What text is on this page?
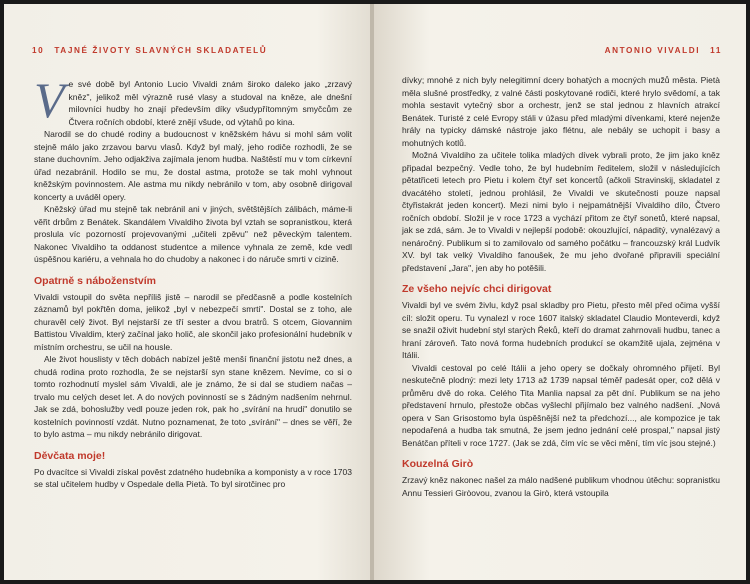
10 TAJNÉ ŽIVOTY SLAVNÝCH SKLADATELŮ

Ve své době byl Antonio Lucio Vivaldi znám široko daleko jako „zrzavý kněz", jelikož měl výrazně rusé vlasy a studoval na kněze, ale dnešní milovníci hudby ho znají především díky všudypřítomným smyčcům ze Čtvera ročních období, které znějí všude, od výtahů po kina.

Narodil se do chudé rodiny a budoucnost v kněžském hávu si mohl sám volit stejně málo jako zrzavou barvu vlasů. Když byl malý, jeho rodiče rozhodli, že se stane duchovním. Jeho odjakživa zajímala jenom hudba. Naštěstí mu v tom církevní úřad nezabránil. Hodilo se mu, že dostal astma, protože se tak mohl vyhnout kněžským povinnostem. Ale astma mu nikdy nebránilo v tom, aby osobně dirigoval koncerty a uváděl opery.

Kněžský úřad mu stejně tak nebránil ani v jiných, světštějších zálibách, máme-li věřit drbům z Benátek. Skandálem Vivaldiho života byl vztah se sopranistkou, která proslula víc pozorností projevovanými „učiteli zpěvu" než pěveckým talentem. Nakonec Vivaldiho ta oddanost studentce a milence vyhnala ze země, kde vedl úspěšnou kariéru, a vehnala ho do chudoby a nakonec i do náruče smrti v cizině.

Opatrně s náboženstvím

Vivaldi vstoupil do světa nepříliš jistě – narodil se předčasně a podle kostelních záznamů byl pokřtěn doma, jelikož „byl v nebezpečí smrti". Dostal se z toho, ale churavěl celý život. Byl nejstarší ze tří sester a dvou bratrů. S otcem, Giovannim Battistou Vivaldim, který začínal jako holič, ale skončil jako profesionální hudebník v místním orchestru, se učil na housle.

Ale život houslisty v těch dobách nabízel ještě menší finanční jistotu než dnes, a chudá rodina proto rozhodla, že se nejstarší syn stane knězem. Nevíme, co si o tomto rozhodnutí myslel sám Vivaldi, ale je známo, že si dal se studiem načas – trvalo mu celých deset let. A do nových povinností se s žádným nadšením nehrnul. Jak se zdá, bohoslužby vedl pouze jeden rok, pak ho „svírání na hrudi" donutilo se kostelních povinností vzdát. Nutno poznamenat, že toto „svírání" – dnes se věří, že to bylo astma – mu nikdy nebránilo dirigovat.

Děvčata moje!

Po dvacítce si Vivaldi získal pověst zdatného hudebníka a komponisty a v roce 1703 se stal učitelem hudby v Ospedale della Pietà. To byl sirotčinec pro

ANTONIO VIVALDI 11

dívky; mnohé z nich byly nelegitimní dcery bohatých a mocných mužů města. Pietà měla slušné prostředky, z valné části poskytované rodiči, které hrylo svědomí, a tak mohla sestavit vytečný sbor a orchestr, jenž se stal jednou z hlavních atrakcí Benátek. Turisté z celé Evropy stáli v úžasu před mladými dívenkami, které nejenže hrály na typicky dámské nástroje jako flétnu, ale nebály se uchopit i basy a mohutných kotlů.

Možná Vivaldiho za učitele tolika mladých dívek vybrali proto, že jim jako kněz připadal bezpečný. Vedle toho, že byl hudebním ředitelem, složil v následujících pětatřiceti letech pro Pietu i kolem čtyř set koncertů (ačkoli Stravinskij, skladatel z dvacátého století, jednou prohlásil, že Vivaldi ve skutečnosti pouze napsal čtyřistakrát jeden koncert). Mezi nimi bylo i nejpamátnější Vivaldiho dílo, Čtvero ročních období. Složil je v roce 1723 a vychází přitom ze čtyř sonetů, které napsal, jak se zdá, sám. Je to Vivaldi v nejlepší podobě: okouzlující, nápaditý, vynalézavý a nenáročný. Publikum si to zamilovalo od samého počátku – francouzský král Ludvík XV. byl tak velký Vivaldiho fanoušek, že mu jeho dvořané připravili speciální představení „Jara", jen aby ho potěšili.

Ze všeho nejvíc chci dirigovat

Vivaldi byl ve svém živlu, když psal skladby pro Pietu, přesto měl před očima vyšší cíl: složit operu. Tu vynalezl v roce 1607 italský skladatel Claudio Monteverdi, když se snažil oživit hudební styl starých Řeků, kteří do dramat zahrnovali hudbu, tanec a hraní zároveň. Tato nová forma hudebních produkcí se okamžitě ujala, zejména v Itálii.

Vivaldi cestoval po celé Itálii a jeho opery se dočkaly ohromného přijetí. Byl neskutečně plodný: mezi lety 1713 až 1739 napsal téměř padesát oper, což dělá v průměru dvě do roka. Celého Tita Manlia napsal za pět dní. Publikum se na jeho představení hrnulo, přestože občas vyšlechl přijímalo bez valného nadšení. „Nová opera v San Grisostomo byla úspěšnější než ta předchozí..., ale kompozice je tak nepodařená a hudba tak smutná, že jsem jedno jednání celé prospal," napsal jistý Benátčan příteli v roce 1727. (Jak se zdá, čím víc se věci mění, tím víc jsou stejné.)

Kouzelná Girò

Zrzavý kněz nakonec našel za málo nadšené publikum vhodnou útěchu: sopranistku Annu Tessieri Girò​ovou, zvanou la Girò, která vstoupila
